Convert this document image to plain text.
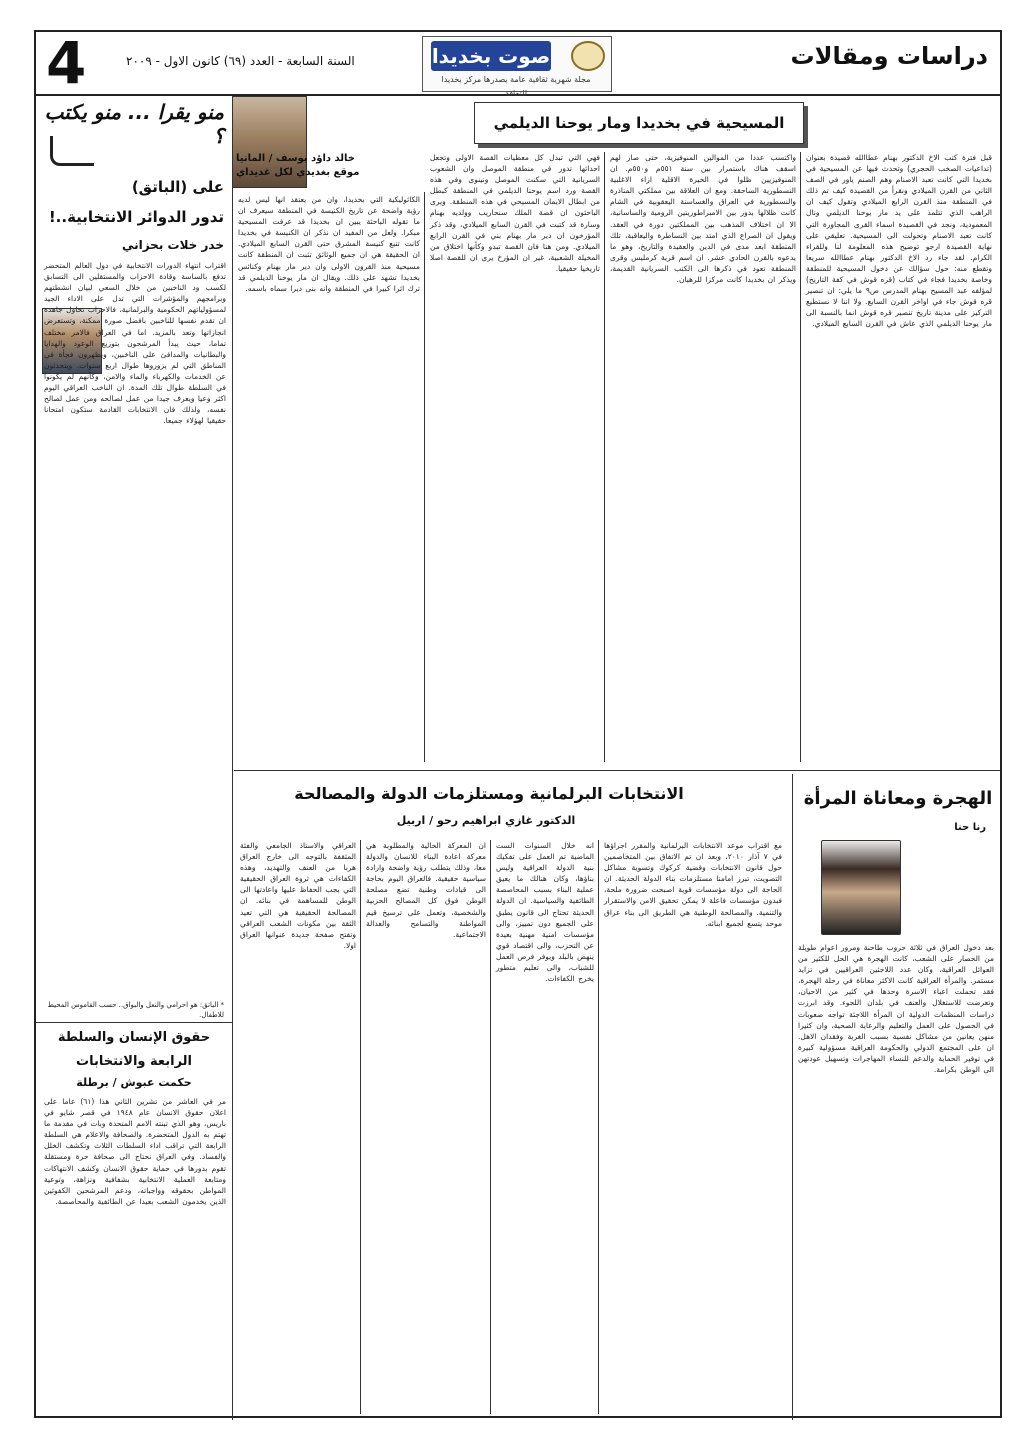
دراسات ومقالات
صوت بخديدا
مجلة شهرية ثقافية عامة يصدرها مركز بخديدا للثقافة
السنة السابعة - العدد (٦٩) كانون الاول - ٢٠٠٩
4
المسيحية في بخديدا ومار يوحنا الديلمي
خالد داؤد يوسف / المانيا
موقع بغديدي لكل غديداي
قبل فترة كتب الاخ الدكتور بهنام عطاالله قصيدة بعنوان (تداعيات الصخب الحجري) وتحدث فيها عن المسيحية في بخديدا التي كانت تعبد الاصنام وهم الصنم ياور في الصف الثاني من القرن الميلادي ونقرأ من القصيدة كيف تم ذلك في المنطقة منذ القرن الرابع الميلادي وتقول كيف ان الراهب الذي تتلمذ على يد مار يوحنا الديلمي ونال المعمودية، ونجد في القصيدة اسماء القرى المجاورة التي كانت تعبد الاصنام وتحولت الى المسيحية. تعليقي على نهاية القصيدة ارجو توضيح هذه المعلومة لنا وللقراء الكرام. لقد جاء رد الاخ الدكتور بهنام عطاالله سريعا وتقطع منه: حول سؤالك عن دخول المسيحية للمنطقة وخاصة بخديدا فجاء في كتاب (قره قوش في كفة التاريخ) لمؤلفه عبد المسيح بهنام المدرس ص٩ ما يلي: ان تنصير قره قوش جاء في اواخر القرن السابع. ولا اننا لا نستطيع التركيز على مدينة تاريخ تنصير قره قوش انما بالنسبة الى مار يوحنا الديلمي الذي عاش في القرن السابع الميلادي.
واكتسب عددا من الموالين المنوفيزية، حتى صار لهم اسقف هناك باستمرار بين سنة ٥٥١م و٥٥٠م. ان المنوفيزيين ظلوا في الحيرة الاقلية ازاء الاغلبية النسطورية الساحقة. ومع ان العلاقة بين مملكتي المناذرة والنسطورية في العراق والغساسنة اليعقوبية في الشام كانت ظلالها بدور بين الامبراطوريتين الرومية والساسانية، الا ان اختلاف المذهب بين المملكتين دورة في العقد. ويقول ان الصراع الذي امتد بين النساطرة واليعاقبة، تلك المنطقة ابعد مدى في الدين والعقيدة والتاريخ، وهو ما يدعوه بالقرن الحادي عشر. ان اسم قرية كرمليس وقرى المنطقة تعود في ذكرها الى الكتب السريانية القديمة، ويذكر ان بخديدا كانت مركزا للرهبان.
فهي التي تبدل كل معطيات القصة الاولى وتجعل احداثها تدور في منطقة الموصل وان الشعوب السريانية التي سكنت الموصل ونينوى وفي هذه القصة ورد اسم يوحنا الديلمي في المنطقة كبطل من ابطال الايمان المسيحي في هذه المنطقة. ويرى الباحثون ان قصة الملك سنحاريب وولديه بهنام وسارة قد كتبت في القرن السابع الميلادي، وقد ذكر المؤرخون ان دير مار بهنام بني في القرن الرابع الميلادي. ومن هنا فان القصة تبدو وكأنها اختلاق من المخيلة الشعبية، غير ان المؤرخ يرى ان للقصة اصلا تاريخيا حقيقيا.
الكاثوليكية التي بخديدا، وان من يعتقد انها ليس لديه رؤية واضحة عن تاريخ الكنيسة في المنطقة سيعرف ان ما تقوله الباحثة يبين ان بخديدا قد عرفت المسيحية مبكرا. ولعل من المفيد ان نذكر ان الكنيسة في بخديدا كانت تتبع كنيسة المشرق حتى القرن السابع الميلادي. ان الحقيقة هي ان جميع الوثائق تثبت ان المنطقة كانت مسيحية منذ القرون الاولى وان دير مار بهنام وكنائس بخديدا تشهد على ذلك. ويقال ان مار يوحنا الديلمي قد ترك اثرا كبيرا في المنطقة وانه بنى ديرا سماه باسمه.
منو يقرا ... منو يكتب ؟
على (الباتق)
تدور الدوائر الانتخابية..!
خدر خلات بحزاني
اقتراب انتهاء الدورات الانتخابية في دول العالم المتحضر تدفع بالساسة وقادة الاحزاب والمستقلين الى التسابق لكسب ود الناخبين من خلال السعي لبيان انشطتهم وبرامجهم والمؤشرات التي تدل على الاداء الجيد لمسؤولياتهم الحكومية والبرلمانية، فالاحزاب تحاول جاهدة ان تقدم نفسها للناخبين بافضل صورة ممكنة، وتستعرض انجازاتها وتعد بالمزيد. اما في العراق فالامر مختلف تماما، حيث يبدأ المرشحون بتوزيع الوعود والهدايا والبطانيات والمدافئ على الناخبين، ويظهرون فجأة في المناطق التي لم يزوروها طوال اربع سنوات. ويتحدثون عن الخدمات والكهرباء والماء والامن، وكأنهم لم يكونوا في السلطة طوال تلك المدة. ان الناخب العراقي اليوم اكثر وعيا ويعرف جيدا من عمل لصالحه ومن عمل لصالح نفسه، ولذلك فان الانتخابات القادمة ستكون امتحانا حقيقيا لهؤلاء جميعا.
* الباتق: هو احرامي والنعل والبواق.. حسب القاموس المحيط للاطفال.
حقوق الإنسان والسلطة
الرابعة والانتخابات
حكمت عبوش / برطلة
مر في العاشر من تشرين الثاني هذا (٦١) عاما على اعلان حقوق الانسان عام ١٩٤٨ في قصر شايو في باريس، وهو الذي تبنته الامم المتحدة وبات في مقدمة ما تهتم به الدول المتحضرة. والصحافة والاعلام هي السلطة الرابعة التي تراقب اداء السلطات الثلاث وتكشف الخلل والفساد. وفي العراق نحتاج الى صحافة حرة ومستقلة تقوم بدورها في حماية حقوق الانسان وكشف الانتهاكات ومتابعة العملية الانتخابية بشفافية ونزاهة، وتوعية المواطن بحقوقه وواجباته، ودعم المرشحين الكفوئين الذين يخدمون الشعب بعيدا عن الطائفية والمحاصصة.
الانتخابات البرلمانية ومستلزمات الدولة والمصالحة
الدكتور غازي ابراهيم رحو / اربيل
مع اقتراب موعد الانتخابات البرلمانية والمقرر اجراؤها في ٧ آذار ٢٠١٠، وبعد ان تم الاتفاق بين المتخاصمين حول قانون الانتخابات وقضية كركوك وتسوية مشاكل التصويت، تبرز امامنا مستلزمات بناء الدولة الحديثة. ان الحاجة الى دولة مؤسسات قوية اصبحت ضرورة ملحة، فبدون مؤسسات فاعلة لا يمكن تحقيق الامن والاستقرار والتنمية. والمصالحة الوطنية هي الطريق الى بناء عراق موحد يتسع لجميع ابنائه.
انه خلال السنوات الست الماضية تم العمل على تفكيك بنية الدولة العراقية وليس بناؤها، وكان هنالك ما يعيق عملية البناء بسبب المحاصصة الطائفية والسياسية. ان الدولة الحديثة تحتاج الى قانون يطبق على الجميع دون تمييز، والى مؤسسات امنية مهنية بعيدة عن التحزب، والى اقتصاد قوي ينهض بالبلد ويوفر فرص العمل للشباب، والى تعليم متطور يخرج الكفاءات.
ان المعركة الحالية والمطلوبة هي معركة اعادة البناء للانسان والدولة معا، وذلك يتطلب رؤية واضحة وارادة سياسية حقيقية. فالعراق اليوم بحاجة الى قيادات وطنية تضع مصلحة الوطن فوق كل المصالح الحزبية والشخصية، وتعمل على ترسيخ قيم المواطنة والتسامح والعدالة الاجتماعية.
العراقي والاستاذ الجامعي والفئة المثقفة بالتوجه الى خارج العراق هربا من العنف والتهديد، وهذه الكفاءات هي ثروة العراق الحقيقية التي يجب الحفاظ عليها واعادتها الى الوطن للمساهمة في بنائه. ان المصالحة الحقيقية هي التي تعيد الثقة بين مكونات الشعب العراقي وتفتح صفحة جديدة عنوانها العراق اولا.
الهجرة ومعاناة المرأة
رنا حنا
بعد دخول العراق في ثلاثة حروب طاحنة ومرور اعوام طويلة من الحصار على الشعب، كانت الهجرة هي الحل للكثير من العوائل العراقية، وكان عدد اللاجئين العراقيين في تزايد مستمر. والمرأة العراقية كانت الاكثر معاناة في رحلة الهجرة، فقد تحملت اعباء الاسرة وحدها في كثير من الاحيان، وتعرضت للاستغلال والعنف في بلدان اللجوء. وقد ابرزت دراسات المنظمات الدولية ان المرأة اللاجئة تواجه صعوبات في الحصول على العمل والتعليم والرعاية الصحية، وان كثيرا منهن يعانين من مشاكل نفسية بسبب الغربة وفقدان الاهل. ان على المجتمع الدولي والحكومة العراقية مسؤولية كبيرة في توفير الحماية والدعم للنساء المهاجرات وتسهيل عودتهن الى الوطن بكرامة.
